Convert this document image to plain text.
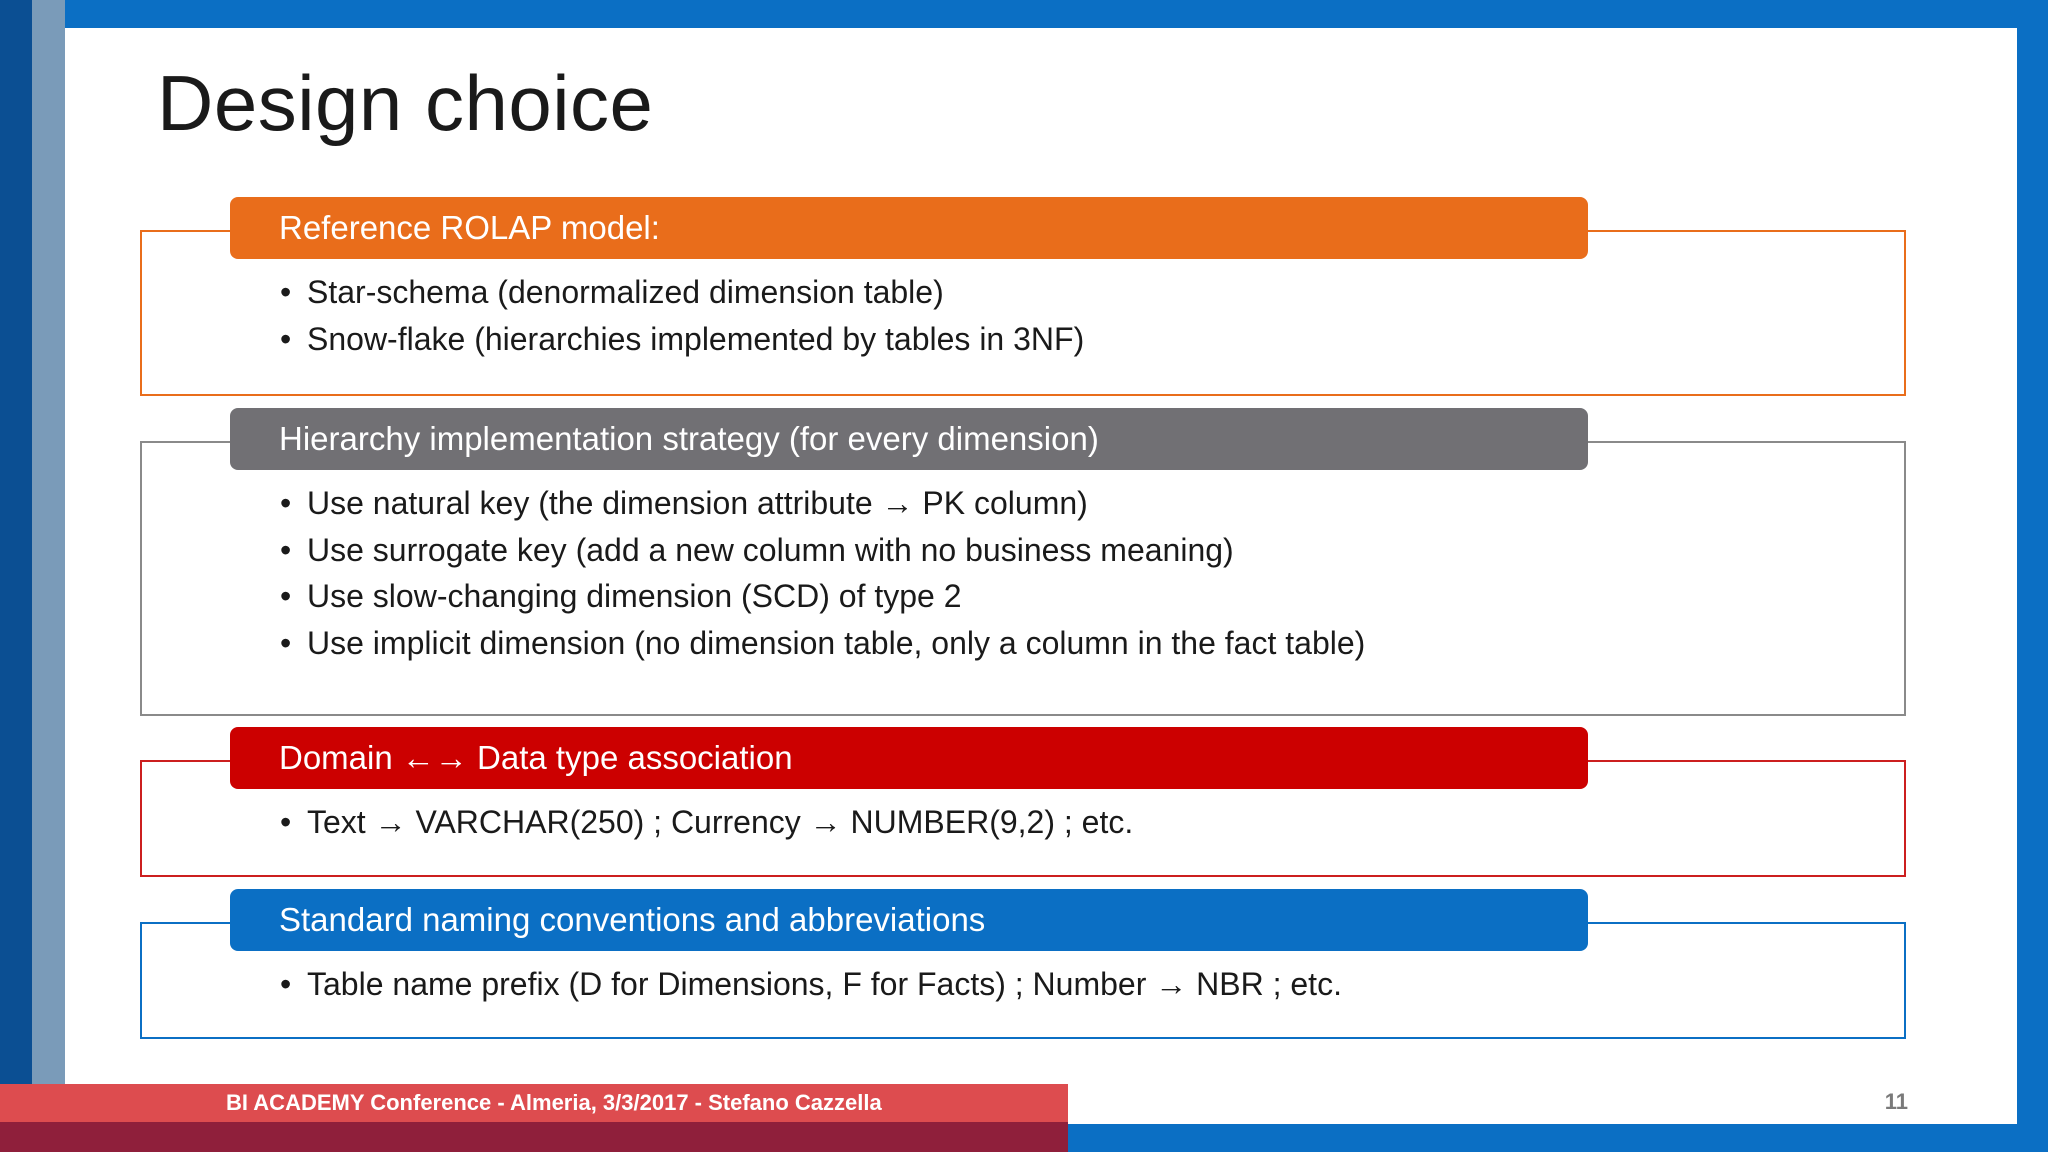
Design choice
Reference ROLAP model:
• Star-schema (denormalized dimension table)
• Snow-flake (hierarchies implemented by tables in 3NF)
Hierarchy implementation strategy (for every dimension)
• Use natural key (the dimension attribute → PK column)
• Use surrogate key (add a new column with no business meaning)
• Use slow-changing dimension (SCD) of type 2
• Use implicit dimension (no dimension table, only a column in the fact table)
Domain ←→ Data type association
• Text → VARCHAR(250) ; Currency → NUMBER(9,2) ; etc.
Standard naming conventions and abbreviations
• Table name prefix (D for Dimensions, F for Facts) ; Number → NBR ; etc.
BI ACADEMY Conference - Almeria, 3/3/2017 - Stefano Cazzella	11
